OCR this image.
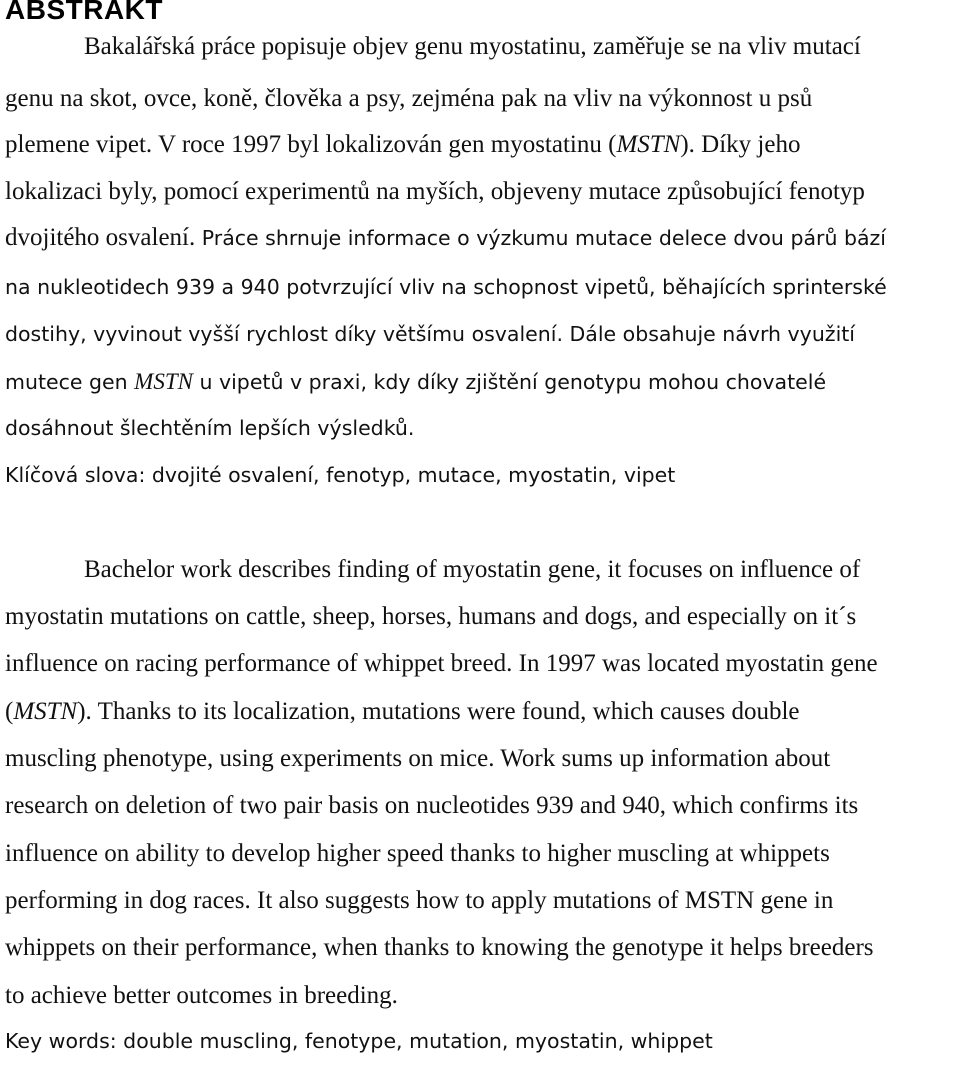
ABSTRAKT
Bakalářská práce popisuje objev genu myostatinu, zaměřuje se na vliv mutací
genu na skot, ovce, koně, člověka a psy, zejména pak na vliv na výkonnost u psů
plemene vipet. V roce 1997 byl lokalizován gen myostatinu (MSTN). Díky jeho
lokalizaci byly, pomocí experimentů na myších, objeveny mutace způsobující fenotyp
dvojitého osvalení. Práce shrnuje informace o výzkumu mutace delece dvou párů bází
na nukleotidech 939 a 940 potvrzující vliv na schopnost vipetů, běhajících sprinterské
dostihy, vyvinout vyšší rychlost díky většímu osvalení. Dále obsahuje návrh využití
mutece gen MSTN u vipetů v praxi, kdy díky zjištění genotypu mohou chovatelé
dosáhnout šlechtěním lepších výsledků.
Klíčová slova: dvojité osvalení, fenotyp, mutace, myostatin, vipet
Bachelor work describes finding of myostatin gene, it focuses on influence of
myostatin mutations on cattle, sheep, horses, humans and dogs, and especially on it´s
influence on racing performance of whippet breed. In 1997 was located myostatin gene
(MSTN). Thanks to its localization, mutations were found, which causes double
muscling phenotype, using experiments on mice. Work sums up information about
research on deletion of two pair basis on nucleotides 939 and 940, which confirms its
influence on ability to develop higher speed thanks to higher muscling at whippets
performing in dog races. It also suggests how to apply mutations of MSTN gene in
whippets on their performance, when thanks to knowing the genotype it helps breeders
to achieve better outcomes in breeding.
Key words: double muscling, fenotype, mutation, myostatin, whippet
